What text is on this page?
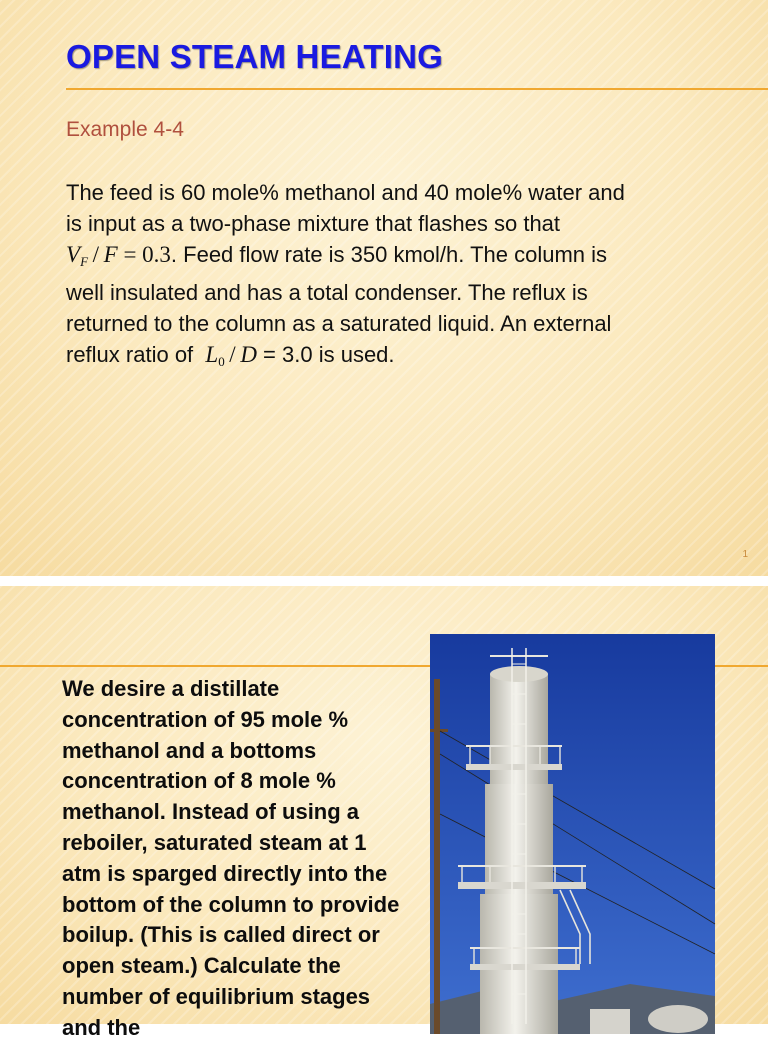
OPEN STEAM HEATING

Example 4-4

The feed is 60 mole% methanol and 40 mole% water and
is input as a two-phase mixture that flashes so that
$V_F / F = 0.3$. Feed flow rate is 350 kmol/h. The column is
well insulated and has a total condenser. The reflux is
returned to the column as a saturated liquid. An external
reflux ratio of  $L_0 / D = 3.0$ is used.
1

We desire a distillate concentration of 95 mole % methanol and a bottoms concentration of 8 mole % methanol. Instead of using a reboiler, saturated steam at 1 atm is sparged directly into the bottom of the column to provide boilup. (This is called direct or open steam.) Calculate the number of equilibrium stages and the
